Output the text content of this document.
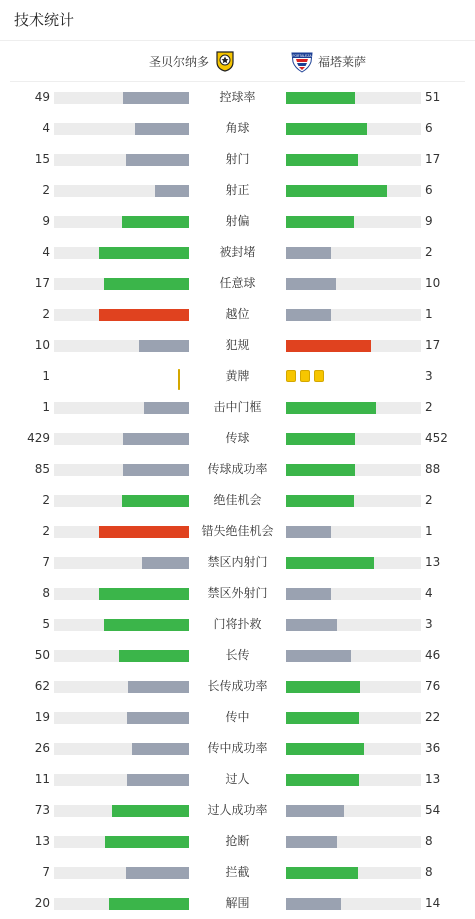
技术统计
圣贝尔纳多	FORTALEZA 福塔莱萨
49	控球率	51
4	角球	6
15	射门	17
2	射正	6
9	射偏	9
4	被封堵	2
17	任意球	10
2	越位	1
10	犯规	17
1	黄牌	3
1	击中门框	2
429	传球	452
85	传球成功率	88
2	绝佳机会	2
2	错失绝佳机会	1
7	禁区内射门	13
8	禁区外射门	4
5	门将扑救	3
50	长传	46
62	长传成功率	76
19	传中	22
26	传中成功率	36
11	过人	13
73	过人成功率	54
13	抢断	8
7	拦截	8
20	解围	14
